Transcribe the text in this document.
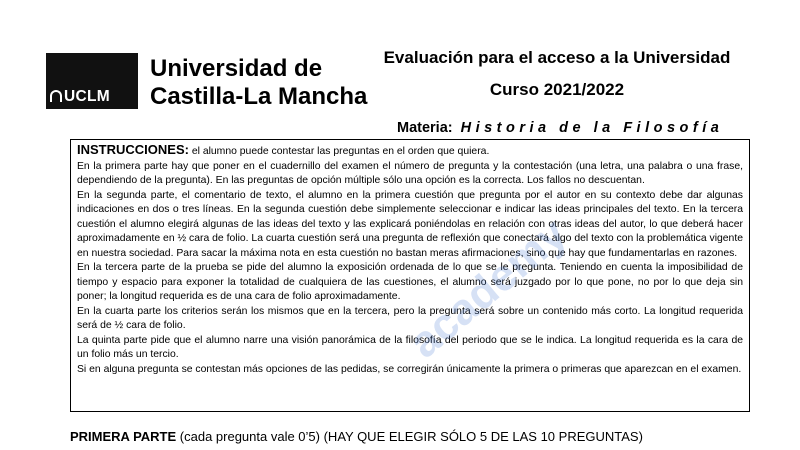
UCLM
Universidad de
Castilla-La Mancha
Evaluación para el acceso a la Universidad
Curso 2021/2022
Materia: Historia de la Filosofía

INSTRUCCIONES: el alumno puede contestar las preguntas en el orden que quiera.

En la primera parte hay que poner en el cuadernillo del examen el número de pregunta y la contestación (una letra, una palabra o una frase, dependiendo de la pregunta). En las preguntas de opción múltiple sólo una opción es la correcta. Los fallos no descuentan.

En la segunda parte, el comentario de texto, el alumno en la primera cuestión que pregunta por el autor en su contexto debe dar algunas indicaciones en dos o tres líneas. En la segunda cuestión debe simplemente seleccionar e indicar las ideas principales del texto. En la tercera cuestión el alumno elegirá algunas de las ideas del texto y las explicará poniéndolas en relación con otras ideas del autor, lo que deberá hacer aproximadamente en ½ cara de folio. La cuarta cuestión será una pregunta de reflexión que conectará algo del texto con la problemática vigente en nuestra sociedad. Para sacar la máxima nota en esta cuestión no bastan meras afirmaciones, sino que hay que fundamentarlas en razones.

En la tercera parte de la prueba se pide del alumno la exposición ordenada de lo que se le pregunta. Teniendo en cuenta la imposibilidad de tiempo y espacio para exponer la totalidad de cualquiera de las cuestiones, el alumno será juzgado por lo que pone, no por lo que deja sin poner; la longitud requerida es de una cara de folio aproximadamente.

En la cuarta parte los criterios serán los mismos que en la tercera, pero la pregunta será sobre un contenido más corto. La longitud requerida será de ½ cara de folio.

La quinta parte pide que el alumno narre una visión panorámica de la filosofía del periodo que se le indica. La longitud requerida es la cara de un folio más un tercio.

Si en alguna pregunta se contestan más opciones de las pedidas, se corregirán únicamente la primera o primeras que aparezcan en el examen.

PRIMERA PARTE (cada pregunta vale 0’5) (HAY QUE ELEGIR SÓLO 5 DE LAS 10 PREGUNTAS)
academy
